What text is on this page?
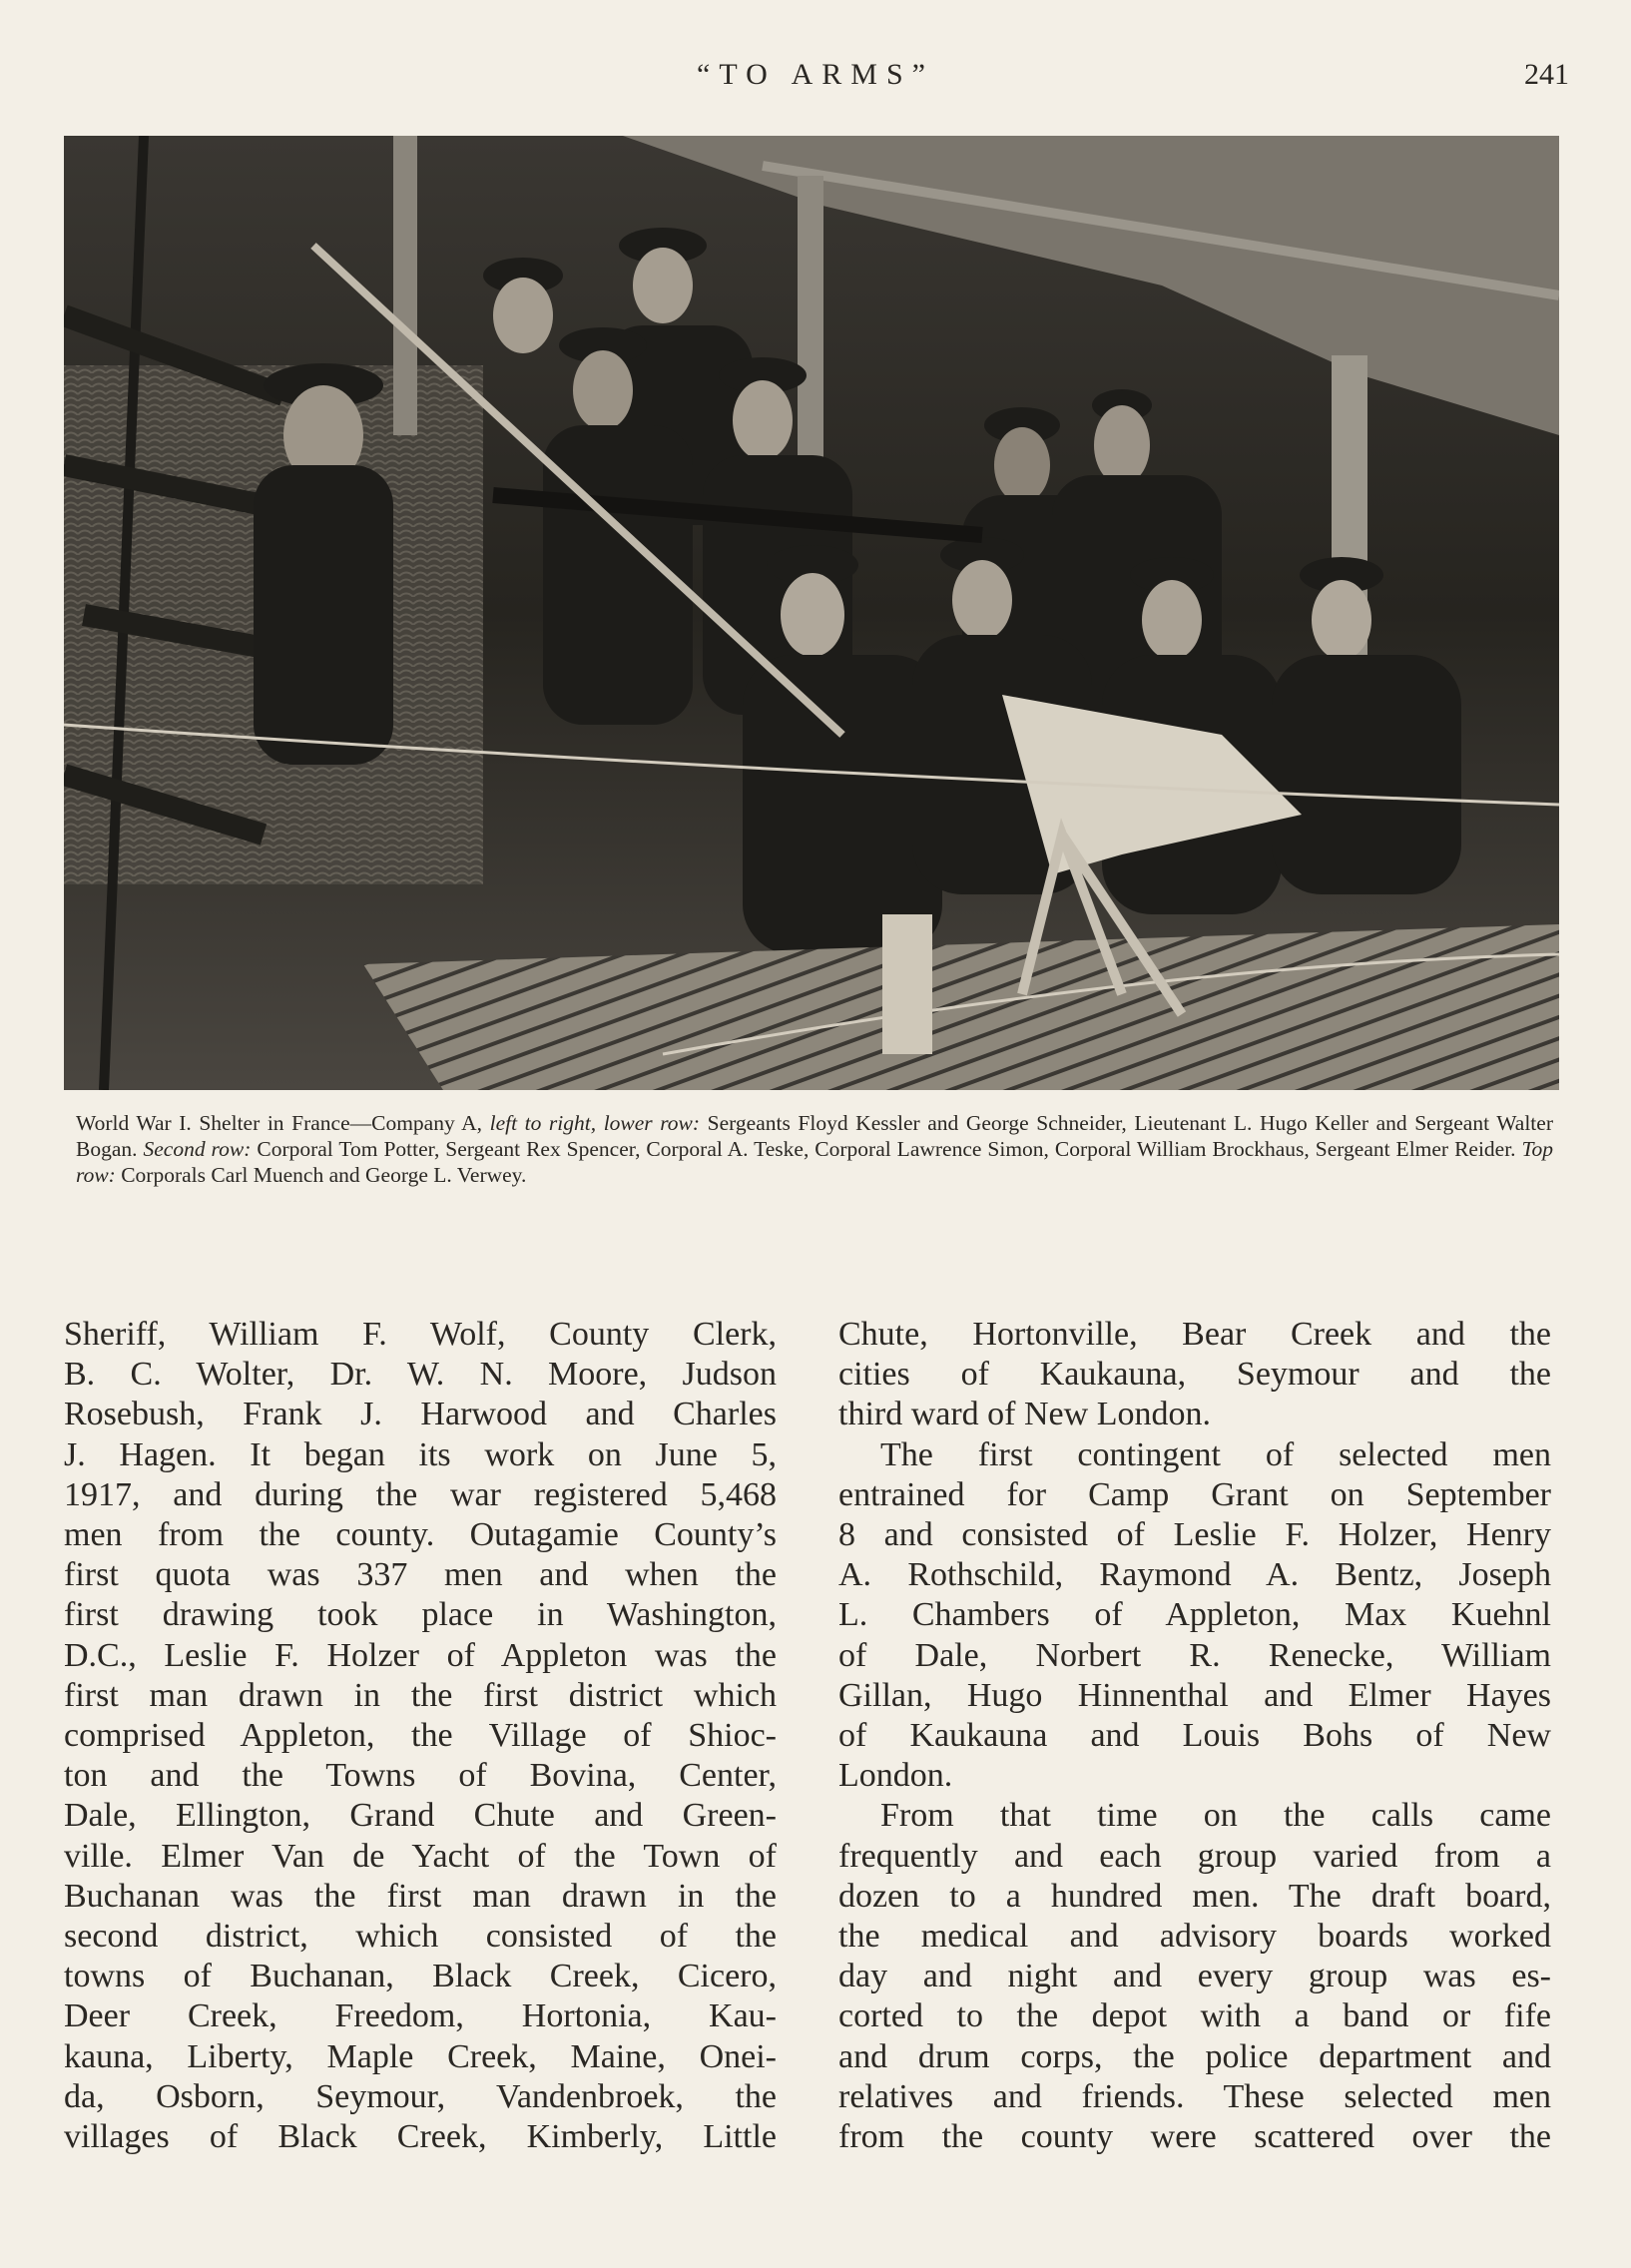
“TO ARMS”	241
World War I. Shelter in France—Company A, left to right, lower row: Sergeants Floyd Kessler and George Schneider, Lieutenant L. Hugo Keller and Sergeant Walter Bogan. Second row: Corporal Tom Potter, Sergeant Rex Spencer, Corporal A. Teske, Corporal Lawrence Simon, Corporal William Brockhaus, Sergeant Elmer Reider. Top row: Corporals Carl Muench and George L. Verwey.
Sheriff, William F. Wolf, County Clerk,
B. C. Wolter, Dr. W. N. Moore, Judson
Rosebush, Frank J. Harwood and Charles
J. Hagen. It began its work on June 5,
1917, and during the war registered 5,468
men from the county. Outagamie County’s
first quota was 337 men and when the
first drawing took place in Washington,
D.C., Leslie F. Holzer of Appleton was the
first man drawn in the first district which
comprised Appleton, the Village of Shioc-
ton and the Towns of Bovina, Center,
Dale, Ellington, Grand Chute and Green-
ville. Elmer Van de Yacht of the Town of
Buchanan was the first man drawn in the
second district, which consisted of the
towns of Buchanan, Black Creek, Cicero,
Deer Creek, Freedom, Hortonia, Kau-
kauna, Liberty, Maple Creek, Maine, Onei-
da, Osborn, Seymour, Vandenbroek, the
villages of Black Creek, Kimberly, Little
Chute, Hortonville, Bear Creek and the
cities of Kaukauna, Seymour and the
third ward of New London.
The first contingent of selected men
entrained for Camp Grant on September
8 and consisted of Leslie F. Holzer, Henry
A. Rothschild, Raymond A. Bentz, Joseph
L. Chambers of Appleton, Max Kuehnl
of Dale, Norbert R. Renecke, William
Gillan, Hugo Hinnenthal and Elmer Hayes
of Kaukauna and Louis Bohs of New
London.
From that time on the calls came
frequently and each group varied from a
dozen to a hundred men. The draft board,
the medical and advisory boards worked
day and night and every group was es-
corted to the depot with a band or fife
and drum corps, the police department and
relatives and friends. These selected men
from the county were scattered over the
